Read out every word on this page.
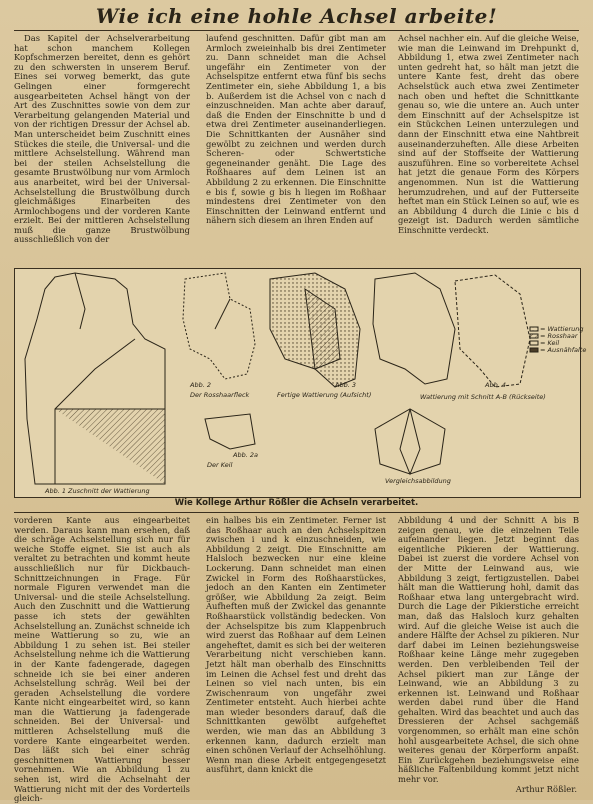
Wie ich eine hohle Achsel arbeite!

Das Kapitel der Achselverarbeitung hat schon manchem Kollegen Kopfschmerzen bereitet, denn es gehört zu den schwersten in unserem Beruf. Eines sei vorweg bemerkt, das gute Gelingen einer formgerecht ausgearbeiteten Achsel hängt von der Art des Zuschnittes sowie von dem zur Verarbeitung gelangenden Material und von der richtigen Dressur der Achsel ab. Man unterscheidet beim Zuschnitt eines Stückes die steile, die Universal- und die mittlere Achselstellung. Während man bei der steilen Achselstellung die gesamte Brustwölbung nur vom Armloch aus anarbeitet, wird bei der Universal-Achselstellung die Brustwölbung durch gleichmäßiges Einarbeiten des Armlochbogens und der vorderen Kante erzielt. Bei der mittleren Achselstellung muß die ganze Brustwölbung ausschließlich von der

laufend geschnitten. Dafür gibt man am Armloch zweieinhalb bis drei Zentimeter zu. Dann schneidet man die Achsel ungefähr ein Zentimeter von der Achselspitze entfernt etwa fünf bis sechs Zentimeter ein, siehe Abbildung 1, a bis b. Außerdem ist die Achsel von c nach d einzuschneiden. Man achte aber darauf, daß die Enden der Einschnitte b und d etwa drei Zentimeter auseinanderliegen. Die Schnittkanten der Ausnäher sind gewölbt zu zeichnen und werden durch Scheren- oder Schwertstiche gegeneinander genäht. Die Lage des Roßhaares auf dem Leinen ist an Abbildung 2 zu erkennen. Die Einschnitte e bis f, sowie g bis h liegen im Roßhaar mindestens drei Zentimeter von den Einschnitten der Leinwand entfernt und nähern sich diesem an ihren Enden auf

Achsel nachher ein. Auf die gleiche Weise, wie man die Leinwand im Drehpunkt d, Abbildung 1, etwa zwei Zentimeter nach unten gedreht hat, so hält man jetzt die untere Kante fest, dreht das obere Achselstück auch etwa zwei Zentimeter nach oben und heftet die Schnittkante genau so, wie die untere an. Auch unter dem Einschnitt auf der Achselspitze ist ein Stückchen Leinen unterzulegen und dann der Einschnitt etwa eine Nahtbreit auseinanderzuheften. Alle diese Arbeiten sind auf der Stoffseite der Wattierung auszuführen. Eine so vorbereitete Achsel hat jetzt die genaue Form des Körpers angenommen. Nun ist die Wattierung herumzudrehen, und auf der Futterseite heftet man ein Stück Leinen so auf, wie es an Abbildung 4 durch die Linie c bis d gezeigt ist. Dadurch werden sämtliche Einschnitte verdeckt.

Abb. 1 Zuschnitt der Wattierung
Abb. 2
Der Rosshaarfleck
Abb. 2a
Der Keil
Abb. 3
Fertige Wattierung (Aufsicht)
Abb. 4
Wattierung mit Schnitt A-B (Rückseite)
Vergleichsabbildung
= Wattierung
= Rosshaar
= Keil
= Ausnähfalte
Wie Kollege Arthur Rößler die Achseln verarbeitet.

vorderen Kante aus eingearbeitet werden. Daraus kann man ersehen, daß die schräge Achselstellung sich nur für weiche Stoffe eignet. Sie ist auch als veraltet zu betrachten und kommt heute ausschließlich nur für Dickbauch-Schnittzeichnungen in Frage. Für normale Figuren verwendet man die Universal- und die steile Achselstellung. Auch den Zuschnitt und die Wattierung passe ich stets der gewählten Achselstellung an. Zunächst schneide ich meine Wattierung so zu, wie an Abbildung 1 zu sehen ist. Bei steiler Achselstellung nehme ich die Wattierung in der Kante fadengerade, dagegen schneide ich sie bei einer anderen Achselstellung schräg. Weil bei der geraden Achselstellung die vordere Kante nicht eingearbeitet wird, so kann man die Wattierung ja fadengerade schneiden. Bei der Universal- und mittleren Achselstellung muß die vordere Kante eingearbeitet werden. Das läßt sich bei einer schräg geschnittenen Wattierung besser vornehmen. Wie an Abbildung 1 zu sehen ist, wird die Achselnaht der Wattierung nicht mit der des Vorderteils gleich-

ein halbes bis ein Zentimeter. Ferner ist das Roßhaar auch an den Achselspitzen zwischen i und k einzuschneiden, wie Abbildung 2 zeigt. Die Einschnitte am Halsloch bezwecken nur eine kleine Lockerung. Dann schneidet man einen Zwickel in Form des Roßhaarstückes, jedoch an den Kanten ein Zentimeter größer, wie Abbildung 2a zeigt. Beim Aufheften muß der Zwickel das genannte Roßhaarstück vollständig bedecken. Von der Achselspitze bis zum Klappenbruch wird zuerst das Roßhaar auf dem Leinen angeheftet, damit es sich bei der weiteren Verarbeitung nicht verschieben kann. Jetzt hält man oberhalb des Einschnitts im Leinen die Achsel fest und dreht das Leinen so viel nach unten, bis ein Zwischenraum von ungefähr zwei Zentimeter entsteht. Auch hierbei achte man wieder besonders darauf, daß die Schnittkanten gewölbt aufgeheftet werden, wie man das an Abbildung 3 erkennen kann, dadurch erzielt man einen schönen Verlauf der Achselhöhlung. Wenn man diese Arbeit entgegengesetzt ausführt, dann knickt die

Abbildung 4 und der Schnitt A bis B zeigen genau, wie die einzelnen Teile aufeinander liegen. Jetzt beginnt das eigentliche Pikieren der Wattierung. Dabei ist zuerst die vordere Achsel von der Mitte der Leinwand aus, wie Abbildung 3 zeigt, fertigzustellen. Dabei hält man die Wattierung hohl, damit das Roßhaar etwa lang untergebracht wird. Durch die Lage der Pikierstiche erreicht man, daß das Halsloch kurz gehalten wird. Auf die gleiche Weise ist auch die andere Hälfte der Achsel zu pikieren. Nur darf dabei im Leinen beziehungsweise Roßhaar keine Länge mehr zugegeben werden. Den verbleibenden Teil der Achsel pikiert man zur Länge der Leinwand, wie an Abbildung 3 zu erkennen ist. Leinwand und Roßhaar werden dabei rund über die Hand gehalten. Wird das beachtet und auch das Dressieren der Achsel sachgemäß vorgenommen, so erhält man eine schön hohl ausgearbeitete Achsel, die sich ohne weiteres genau der Körperform anpaßt. Ein Zurückgehen beziehungsweise eine häßliche Faltenbildung kommt jetzt nicht mehr vor.

Arthur Rößler.
